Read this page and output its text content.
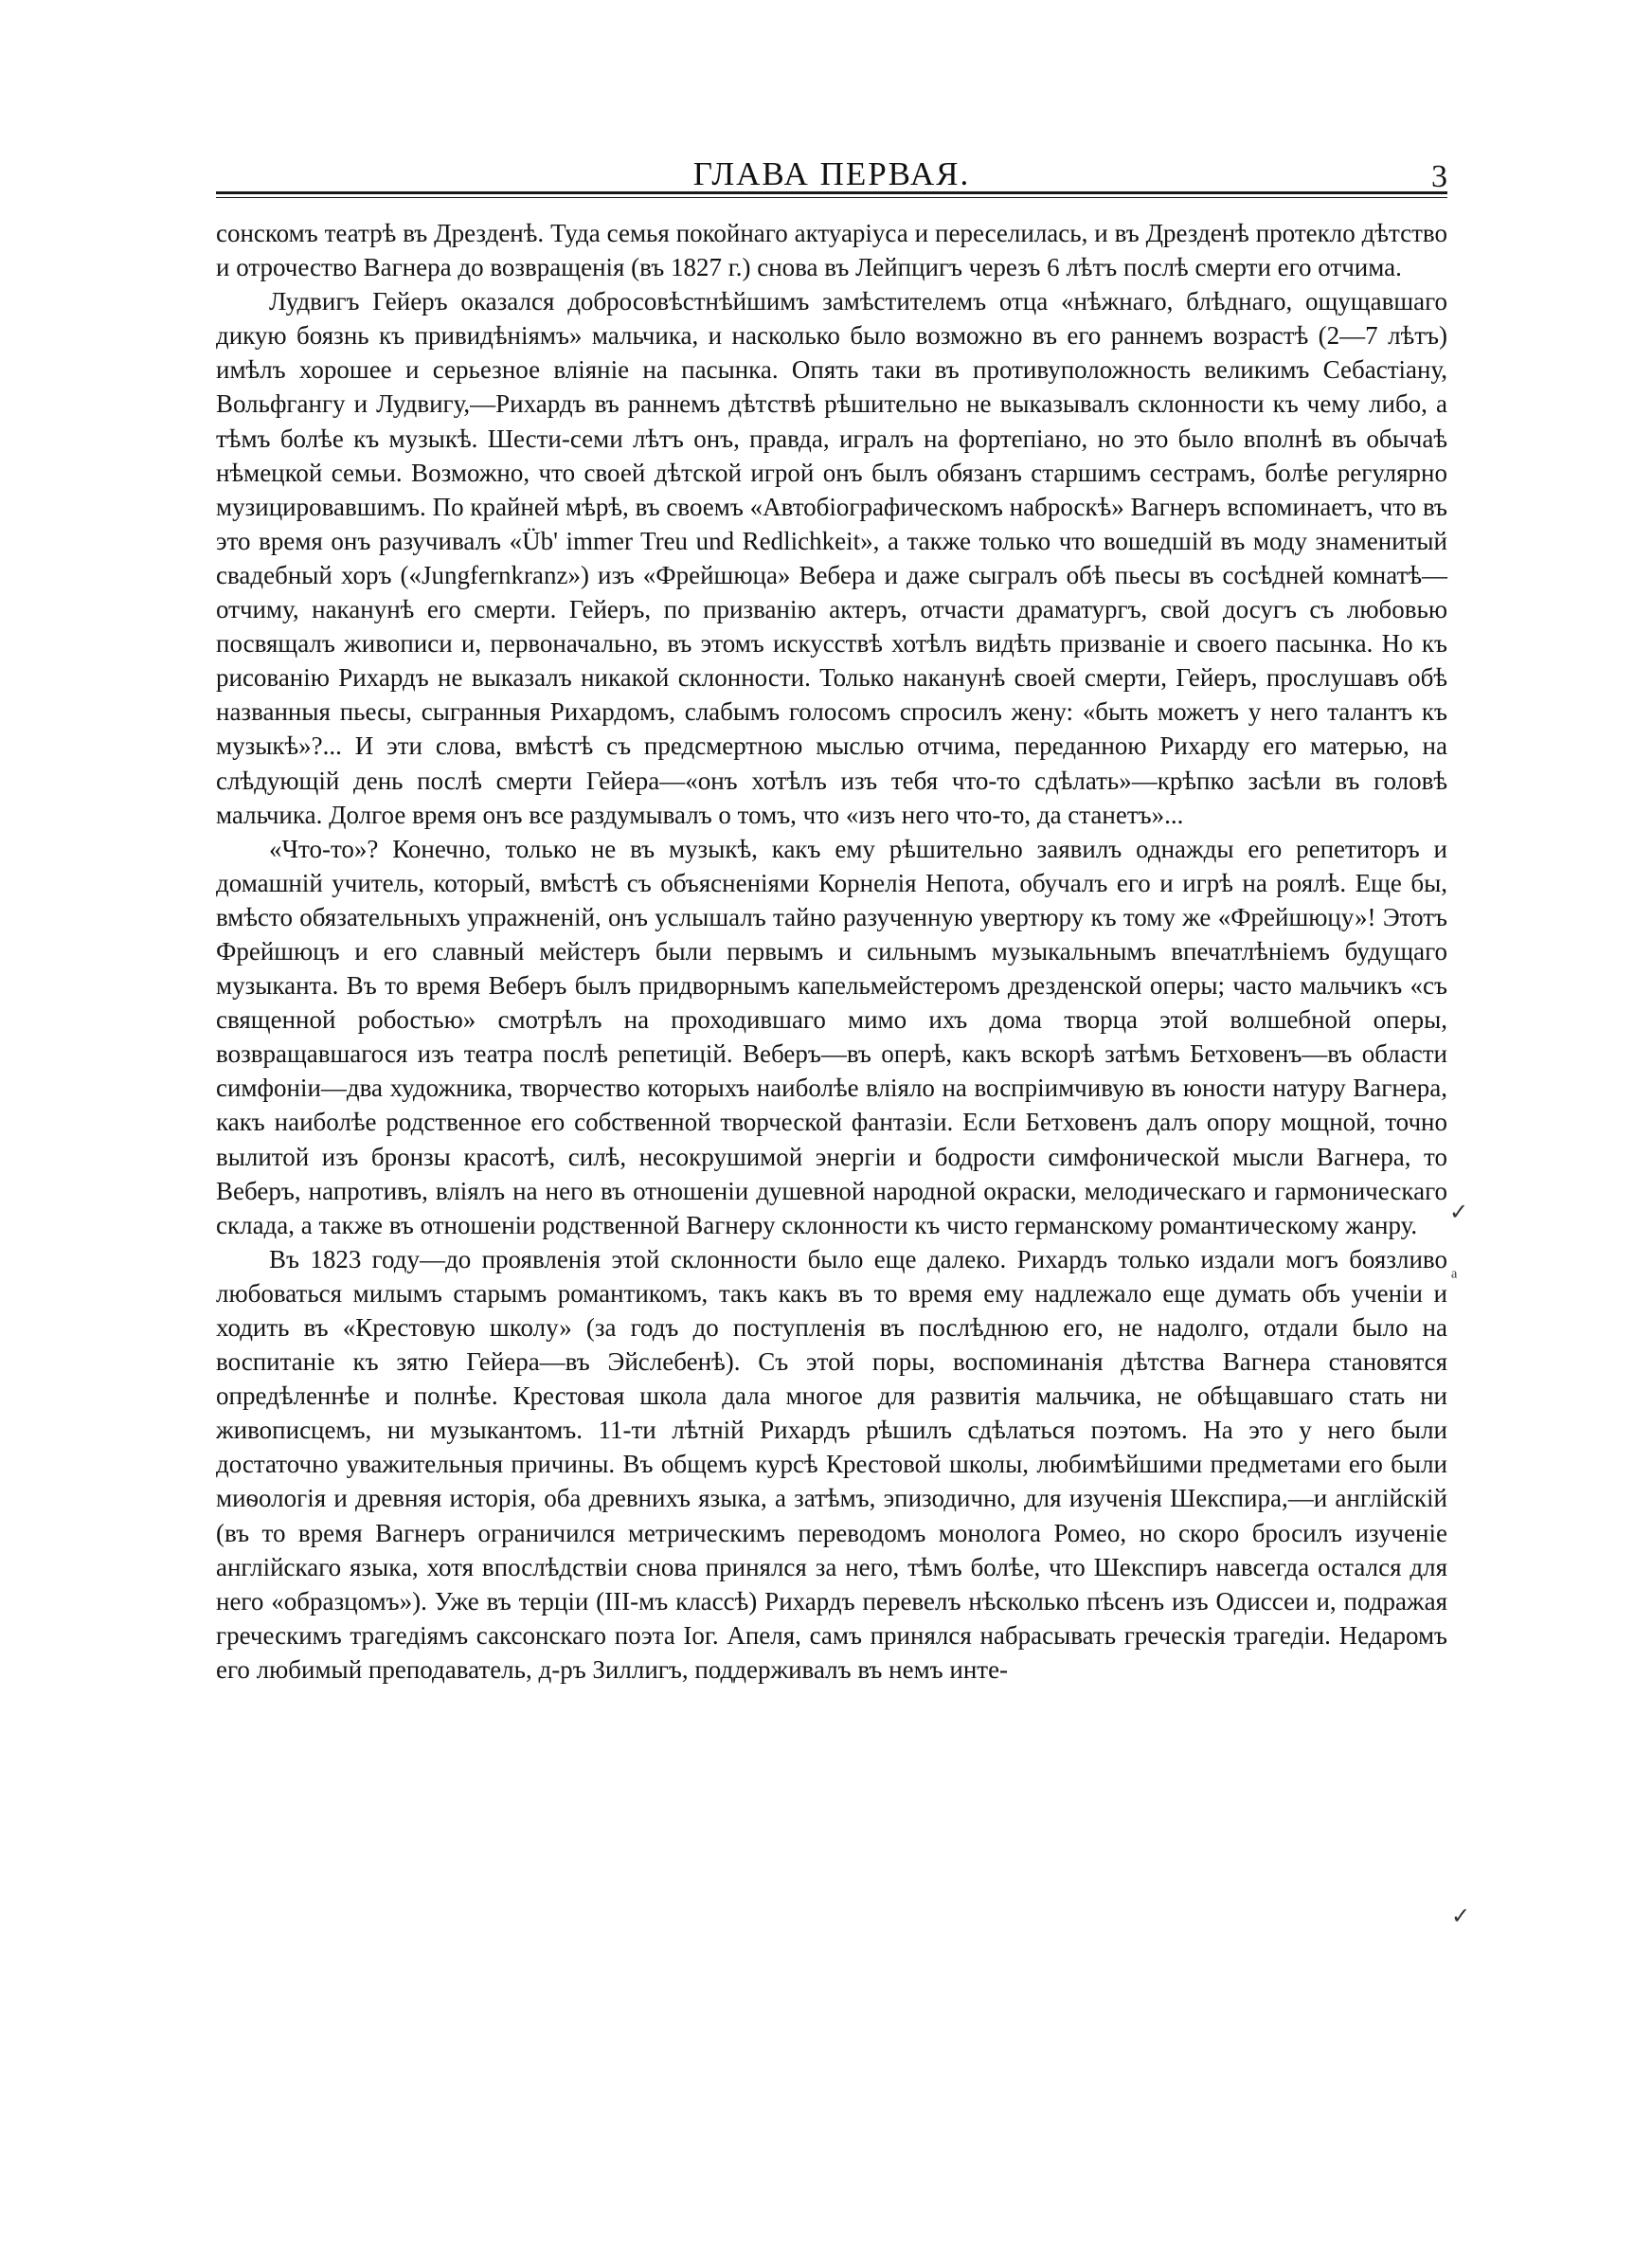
ГЛАВА ПЕРВАЯ.	3

сонскомъ театрѣ въ Дрезденѣ. Туда семья покойнаго актуаріуса и переселилась, и въ Дрезденѣ протекло дѣтство и отрочество Вагнера до возвращенія (въ 1827 г.) снова въ Лейпцигъ черезъ 6 лѣтъ послѣ смерти его отчима.

Лудвигъ Гейеръ оказался добросовѣстнѣйшимъ замѣстителемъ отца «нѣжнаго, блѣднаго, ощущавшаго дикую боязнь къ привидѣніямъ» мальчика, и насколько было возможно въ его раннемъ возрастѣ (2—7 лѣтъ) имѣлъ хорошее и серьезное вліяніе на пасынка. Опять таки въ противуположность великимъ Себастіану, Вольфгангу и Лудвигу,—Рихардъ въ раннемъ дѣтствѣ рѣшительно не выказывалъ склонности къ чему либо, а тѣмъ болѣе къ музыкѣ. Шести-семи лѣтъ онъ, правда, игралъ на фортепіано, но это было вполнѣ въ обычаѣ нѣмецкой семьи. Возможно, что своей дѣтской игрой онъ былъ обязанъ старшимъ сестрамъ, болѣе регулярно музицировавшимъ. По крайней мѣрѣ, въ своемъ «Автобіографическомъ наброскѣ» Вагнеръ вспоминаетъ, что въ это время онъ разучивалъ «Üb' immer Treu und Redlichkeit», а также только что вошедшій въ моду знаменитый свадебный хоръ («Jungfernkranz») изъ «Фрейшюца» Вебера и даже сыгралъ обѣ пьесы въ сосѣдней комнатѣ—отчиму, наканунѣ его смерти. Гейеръ, по призванію актеръ, отчасти драматургъ, свой досугъ съ любовью посвящалъ живописи и, первоначально, въ этомъ искусствѣ хотѣлъ видѣть призваніе и своего пасынка. Но къ рисованію Рихардъ не выказалъ никакой склонности. Только наканунѣ своей смерти, Гейеръ, прослушавъ обѣ названныя пьесы, сыгранныя Рихардомъ, слабымъ голосомъ спросилъ жену: «быть можетъ у него талантъ къ музыкѣ»?... И эти слова, вмѣстѣ съ предсмертною мыслью отчима, переданною Рихарду его матерью, на слѣдующій день послѣ смерти Гейера—«онъ хотѣлъ изъ тебя что-то сдѣлать»—крѣпко засѣли въ головѣ мальчика. Долгое время онъ все раздумывалъ о томъ, что «изъ него что-то, да станетъ»...

«Что-то»? Конечно, только не въ музыкѣ, какъ ему рѣшительно заявилъ однажды его репетиторъ и домашній учитель, который, вмѣстѣ съ объясненіями Корнелія Непота, обучалъ его и игрѣ на роялѣ. Еще бы, вмѣсто обязательныхъ упражненій, онъ услышалъ тайно разученную увертюру къ тому же «Фрейшюцу»! Этотъ Фрейшюцъ и его славный мейстеръ были первымъ и сильнымъ музыкальнымъ впечатлѣніемъ будущаго музыканта. Въ то время Веберъ былъ придворнымъ капельмейстеромъ дрезденской оперы; часто мальчикъ «съ священной робостью» смотрѣлъ на проходившаго мимо ихъ дома творца этой волшебной оперы, возвращавшагося изъ театра послѣ репетицій. Веберъ—въ оперѣ, какъ вскорѣ затѣмъ Бетховенъ—въ области симфоніи—два художника, творчество которыхъ наиболѣе вліяло на воспріимчивую въ юности натуру Вагнера, какъ наиболѣе родственное его собственной творческой фантазіи. Если Бетховенъ далъ опору мощной, точно вылитой изъ бронзы красотѣ, силѣ, несокрушимой энергіи и бодрости симфонической мысли Вагнера, то Веберъ, напротивъ, вліялъ на него въ отношеніи душевной народной окраски, мелодическаго и гармоническаго склада, а также въ отношеніи родственной Вагнеру склонности къ чисто германскому романтическому жанру.

Въ 1823 году—до проявленія этой склонности было еще далеко. Рихардъ только издали могъ боязливо любоваться милымъ старымъ романтикомъ, такъ какъ въ то время ему надлежало еще думать объ ученіи и ходить въ «Крестовую школу» (за годъ до поступленія въ послѣднюю его, не надолго, отдали было на воспитаніе къ зятю Гейера—въ Эйслебенѣ). Съ этой поры, воспоминанія дѣтства Вагнера становятся опредѣленнѣе и полнѣе. Крестовая школа дала многое для развитія мальчика, не обѣщавшаго стать ни живописцемъ, ни музыкантомъ. 11-ти лѣтній Рихардъ рѣшилъ сдѣлаться поэтомъ. На это у него были достаточно уважительныя причины. Въ общемъ курсѣ Крестовой школы, любимѣйшими предметами его были миѳологія и древняя исторія, оба древнихъ языка, а затѣмъ, эпизодично, для изученія Шекспира,—и англійскій (въ то время Вагнеръ ограничился метрическимъ переводомъ монолога Ромео, но скоро бросилъ изученіе англійскаго языка, хотя впослѣдствіи снова принялся за него, тѣмъ болѣе, что Шекспиръ навсегда остался для него «образцомъ»). Уже въ терціи (III-мъ классѣ) Рихардъ перевелъ нѣсколько пѣсенъ изъ Одиссеи и, подражая греческимъ трагедіямъ саксонскаго поэта Іог. Апеля, самъ принялся набрасывать греческія трагедіи. Недаромъ его любимый преподаватель, д-ръ Зиллигъ, поддерживалъ въ немъ инте-

✓
ᵃ
✓
